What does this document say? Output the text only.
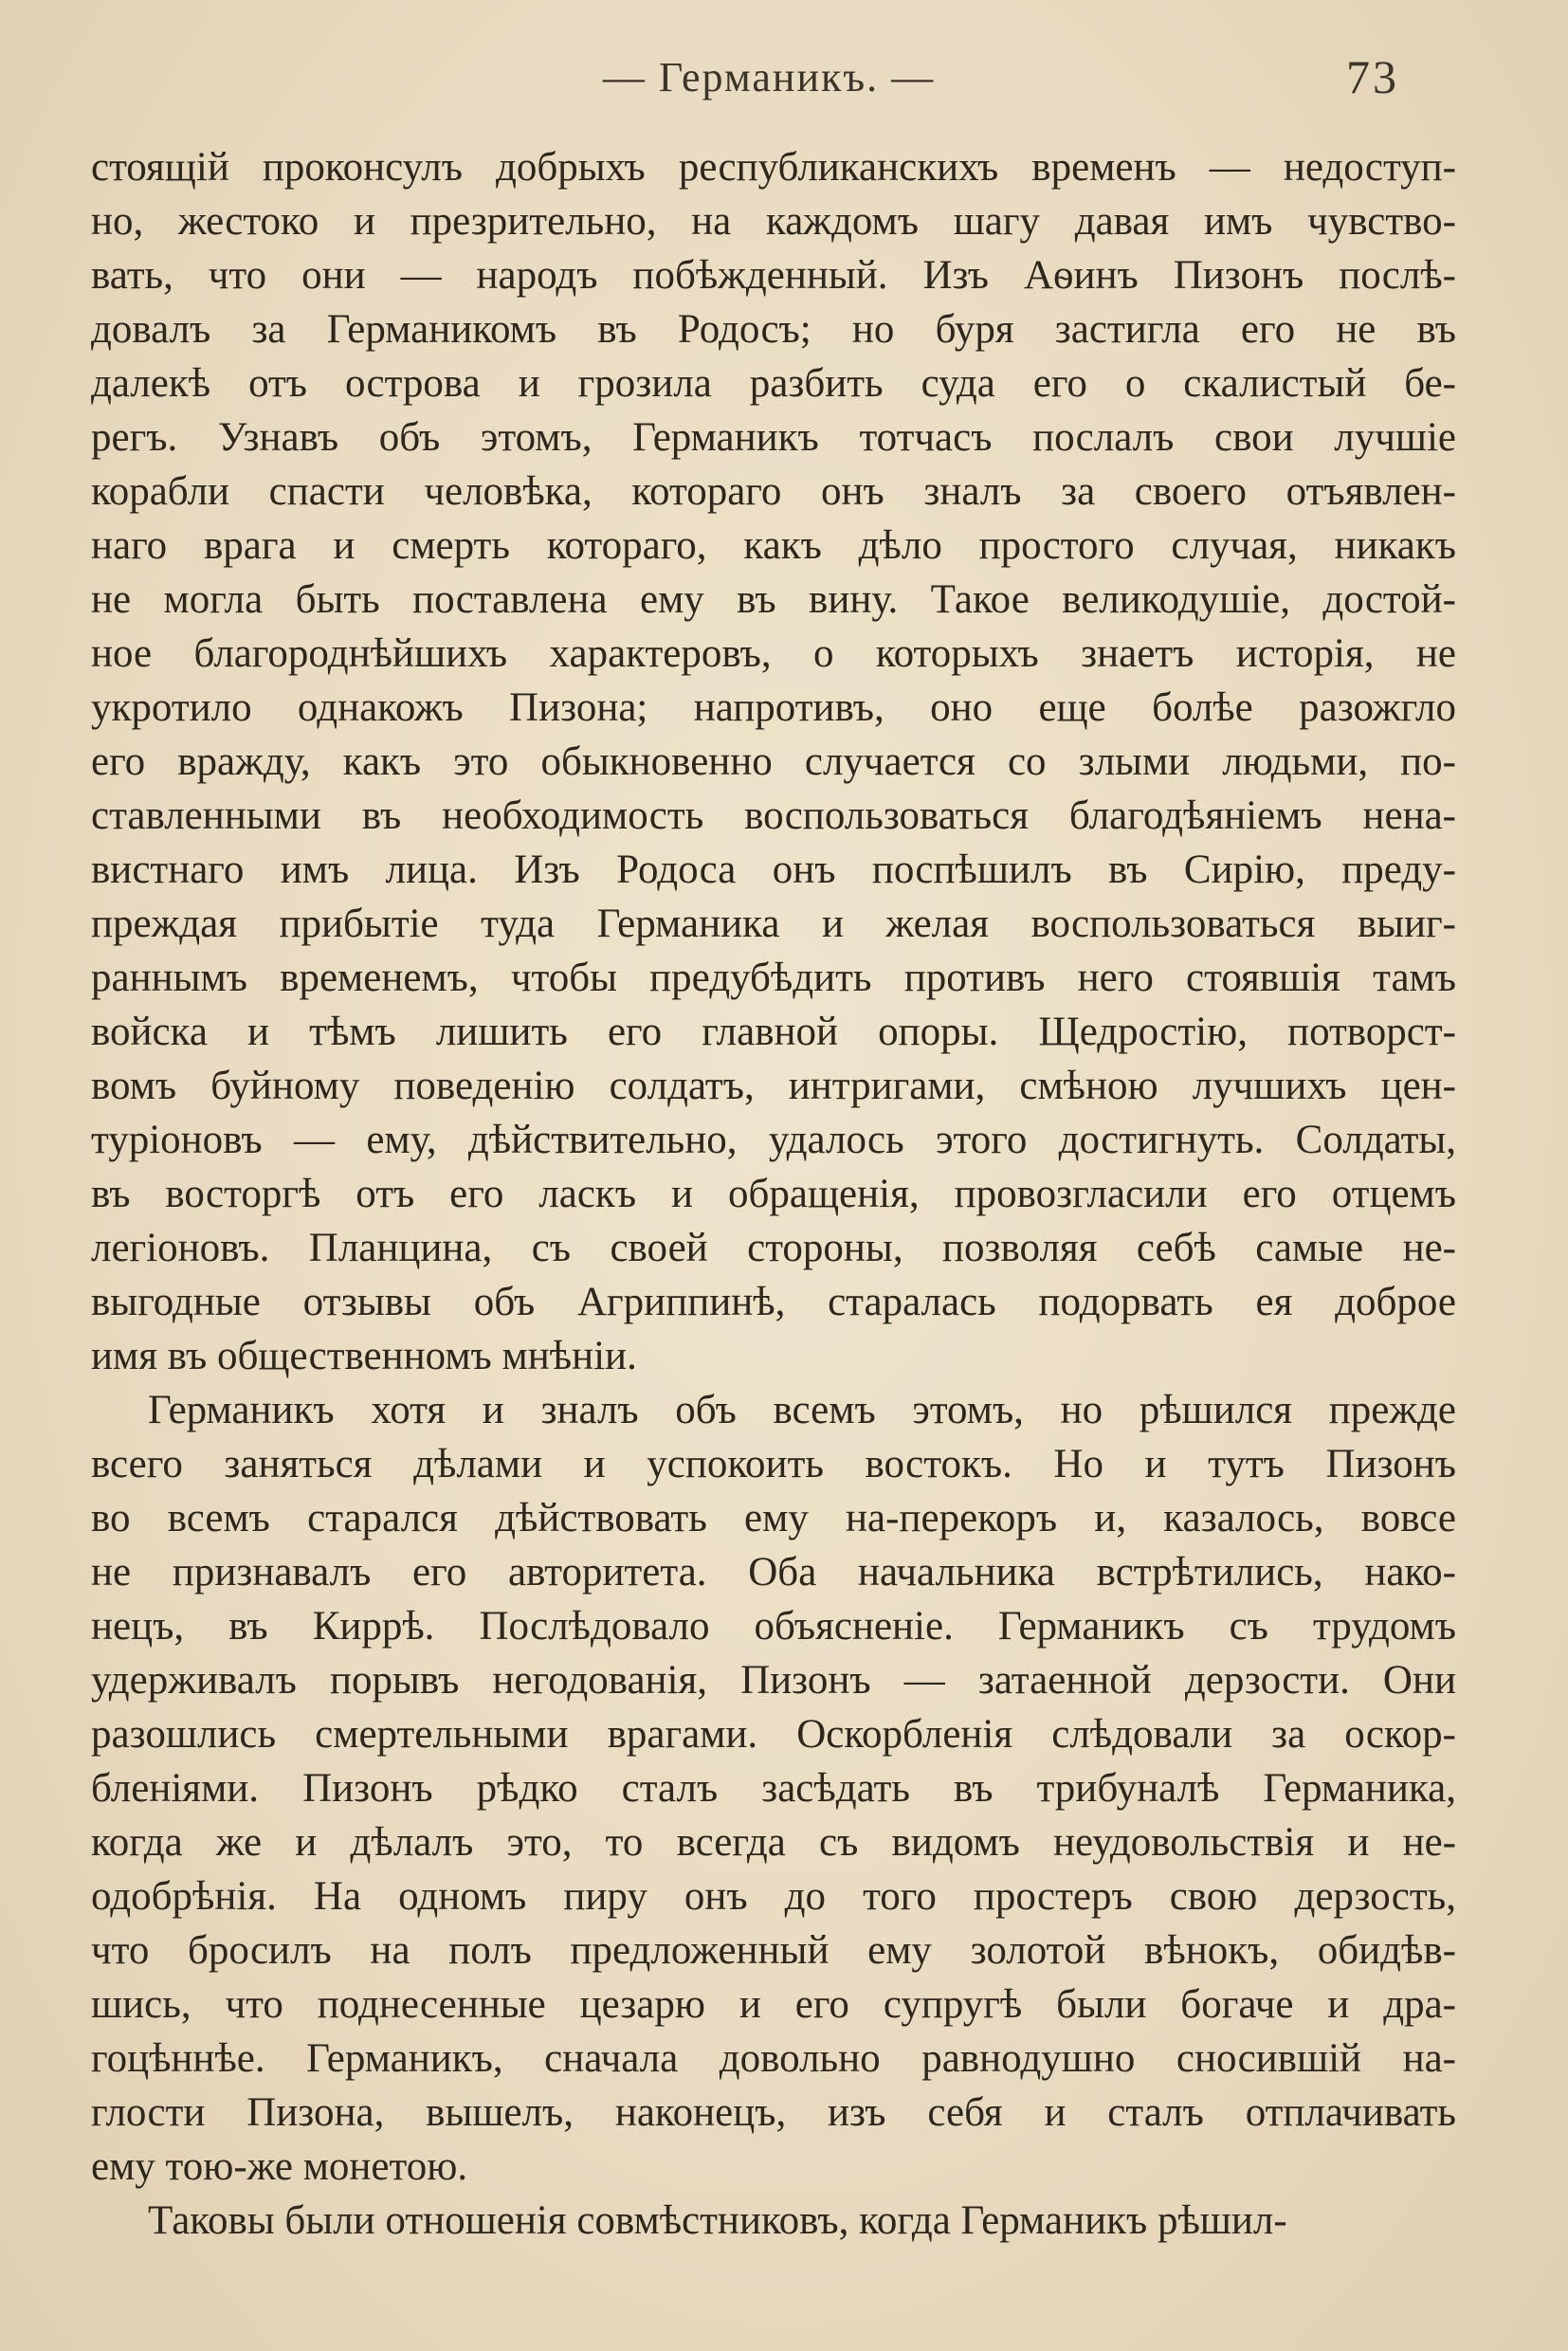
— Германикъ. —	73
стоящій проконсулъ добрыхъ республиканскихъ временъ — недоступ-
но, жестоко и презрительно, на каждомъ шагу давая имъ чувство-
вать, что они — народъ побѣжденный. Изъ Аѳинъ Пизонъ послѣ-
довалъ за Германикомъ въ Родосъ; но буря застигла его не въ
далекѣ отъ острова и грозила разбить суда его о скалистый бе-
регъ. Узнавъ объ этомъ, Германикъ тотчасъ послалъ свои лучшіе
корабли спасти человѣка, котораго онъ зналъ за своего отъявлен-
наго врага и смерть котораго, какъ дѣло простого случая, никакъ
не могла быть поставлена ему въ вину. Такое великодушіе, достой-
ное благороднѣйшихъ характеровъ, о которыхъ знаетъ исторія, не
укротило однакожъ Пизона; напротивъ, оно еще болѣе разожгло
его вражду, какъ это обыкновенно случается со злыми людьми, по-
ставленными въ необходимость воспользоваться благодѣяніемъ нена-
вистнаго имъ лица. Изъ Родоса онъ поспѣшилъ въ Сирію, преду-
преждая прибытіе туда Германика и желая воспользоваться выиг-
раннымъ временемъ, чтобы предубѣдить противъ него стоявшія тамъ
войска и тѣмъ лишить его главной опоры. Щедростію, потворст-
вомъ буйному поведенію солдатъ, интригами, смѣною лучшихъ цен-
туріоновъ — ему, дѣйствительно, удалось этого достигнуть. Солдаты,
въ восторгѣ отъ его ласкъ и обращенія, провозгласили его отцемъ
легіоновъ. Планцина, съ своей стороны, позволяя себѣ самые не-
выгодные отзывы объ Агриппинѣ, старалась подорвать ея доброе
имя въ общественномъ мнѣніи.
Германикъ хотя и зналъ объ всемъ этомъ, но рѣшился прежде
всего заняться дѣлами и успокоить востокъ. Но и тутъ Пизонъ
во всемъ старался дѣйствовать ему на-перекоръ и, казалось, вовсе
не признавалъ его авторитета. Оба начальника встрѣтились, нако-
нецъ, въ Киррѣ. Послѣдовало объясненіе. Германикъ съ трудомъ
удерживалъ порывъ негодованія, Пизонъ — затаенной дерзости. Они
разошлись смертельными врагами. Оскорбленія слѣдовали за оскор-
бленіями. Пизонъ рѣдко сталъ засѣдать въ трибуналѣ Германика,
когда же и дѣлалъ это, то всегда съ видомъ неудовольствія и не-
одобрѣнія. На одномъ пиру онъ до того простеръ свою дерзость,
что бросилъ на полъ предложенный ему золотой вѣнокъ, обидѣв-
шись, что поднесенные цезарю и его супругѣ были богаче и дра-
гоцѣннѣе. Германикъ, сначала довольно равнодушно сносившій на-
глости Пизона, вышелъ, наконецъ, изъ себя и сталъ отплачивать
ему тою-же монетою.
Таковы были отношенія совмѣстниковъ, когда Германикъ рѣшил-
